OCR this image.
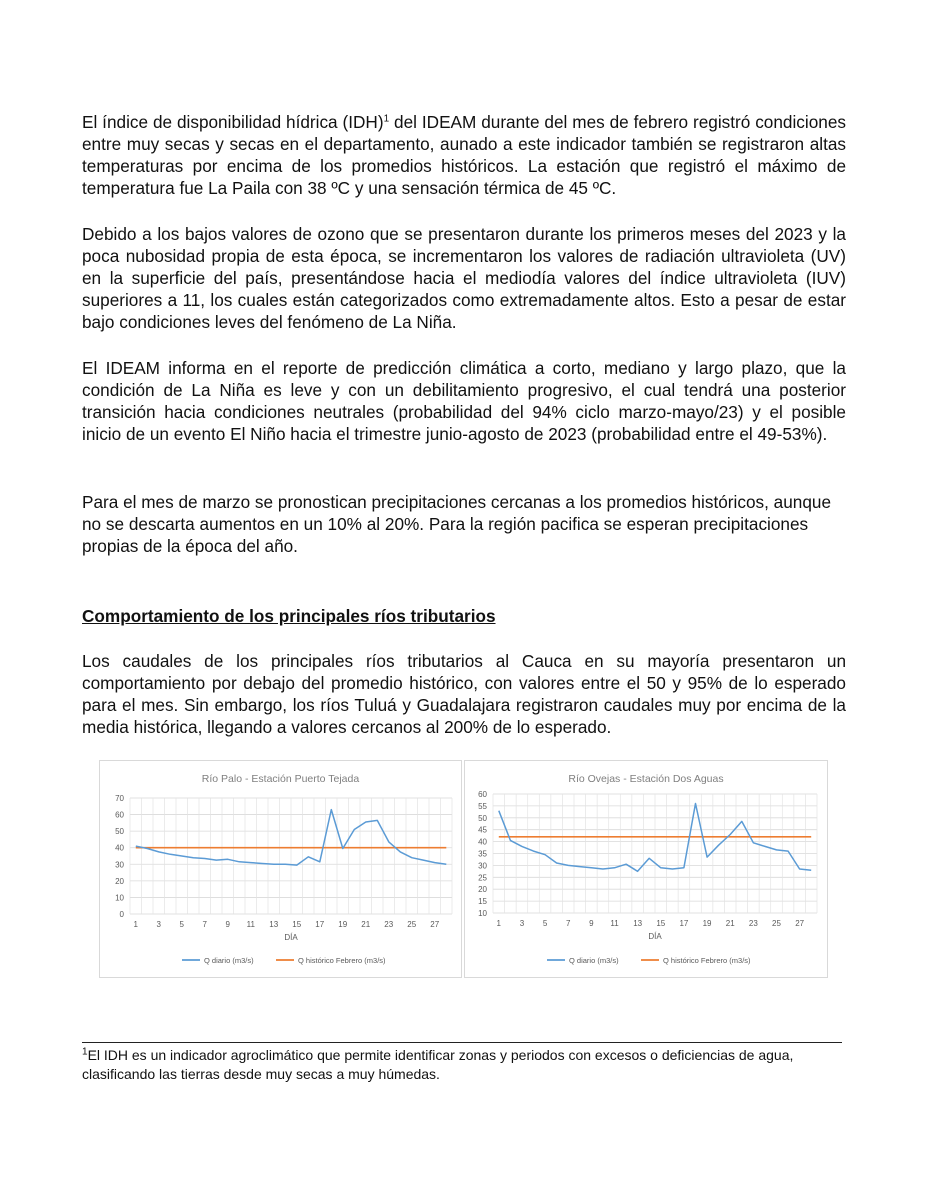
El índice de disponibilidad hídrica (IDH)$^1$ del IDEAM durante del mes de febrero registró condiciones entre muy secas y secas en el departamento, aunado a este indicador también se registraron altas temperaturas por encima de los promedios históricos. La estación que registró el máximo de temperatura fue La Paila con 38 ºC y una sensación térmica de 45 ºC.

Debido a los bajos valores de ozono que se presentaron durante los primeros meses del 2023 y la poca nubosidad propia de esta época, se incrementaron los valores de radiación ultravioleta (UV) en la superficie del país, presentándose hacia el mediodía valores del índice ultravioleta (IUV) superiores a 11, los cuales están categorizados como extremadamente altos. Esto a pesar de estar bajo condiciones leves del fenómeno de La Niña.

El IDEAM informa en el reporte de predicción climática a corto, mediano y largo plazo, que la condición de La Niña es leve y con un debilitamiento progresivo, el cual tendrá una posterior transición hacia condiciones neutrales (probabilidad del 94% ciclo marzo-mayo/23) y el posible inicio de un evento El Niño hacia el trimestre junio-agosto de 2023 (probabilidad entre el 49-53%).

Para el mes de marzo se pronostican precipitaciones cercanas a los promedios históricos, aunque no se descarta aumentos en un 10% al 20%. Para la región pacifica se esperan precipitaciones propias de la época del año.

Comportamiento de los principales ríos tributarios

Los caudales de los principales ríos tributarios al Cauca en su mayoría presentaron un comportamiento por debajo del promedio histórico, con valores entre el 50 y 95% de lo esperado para el mes. Sin embargo, los ríos Tuluá y Guadalajara registraron caudales muy por encima de la media histórica, llegando a valores cercanos al 200% de lo esperado.

Río Palo - Estación Puerto Tejada
0
10
20
30
40
50
60
70
1 3 5 7 9 11 13 15 17 19 21 23 25 27
DÍA
Q diario (m3/s)	Q histórico Febrero (m3/s)
Río Ovejas - Estación Dos Aguas
10
15
20
25
30
35
40
45
50
55
60
1 3 5 7 9 11 13 15 17 19 21 23 25 27
DÍA
Q diario (m3/s)	Q histórico Febrero (m3/s)

$^1$El IDH es un indicador agroclimático que permite identificar zonas y periodos con excesos o deficiencias de agua, clasificando las tierras desde muy secas a muy húmedas.
